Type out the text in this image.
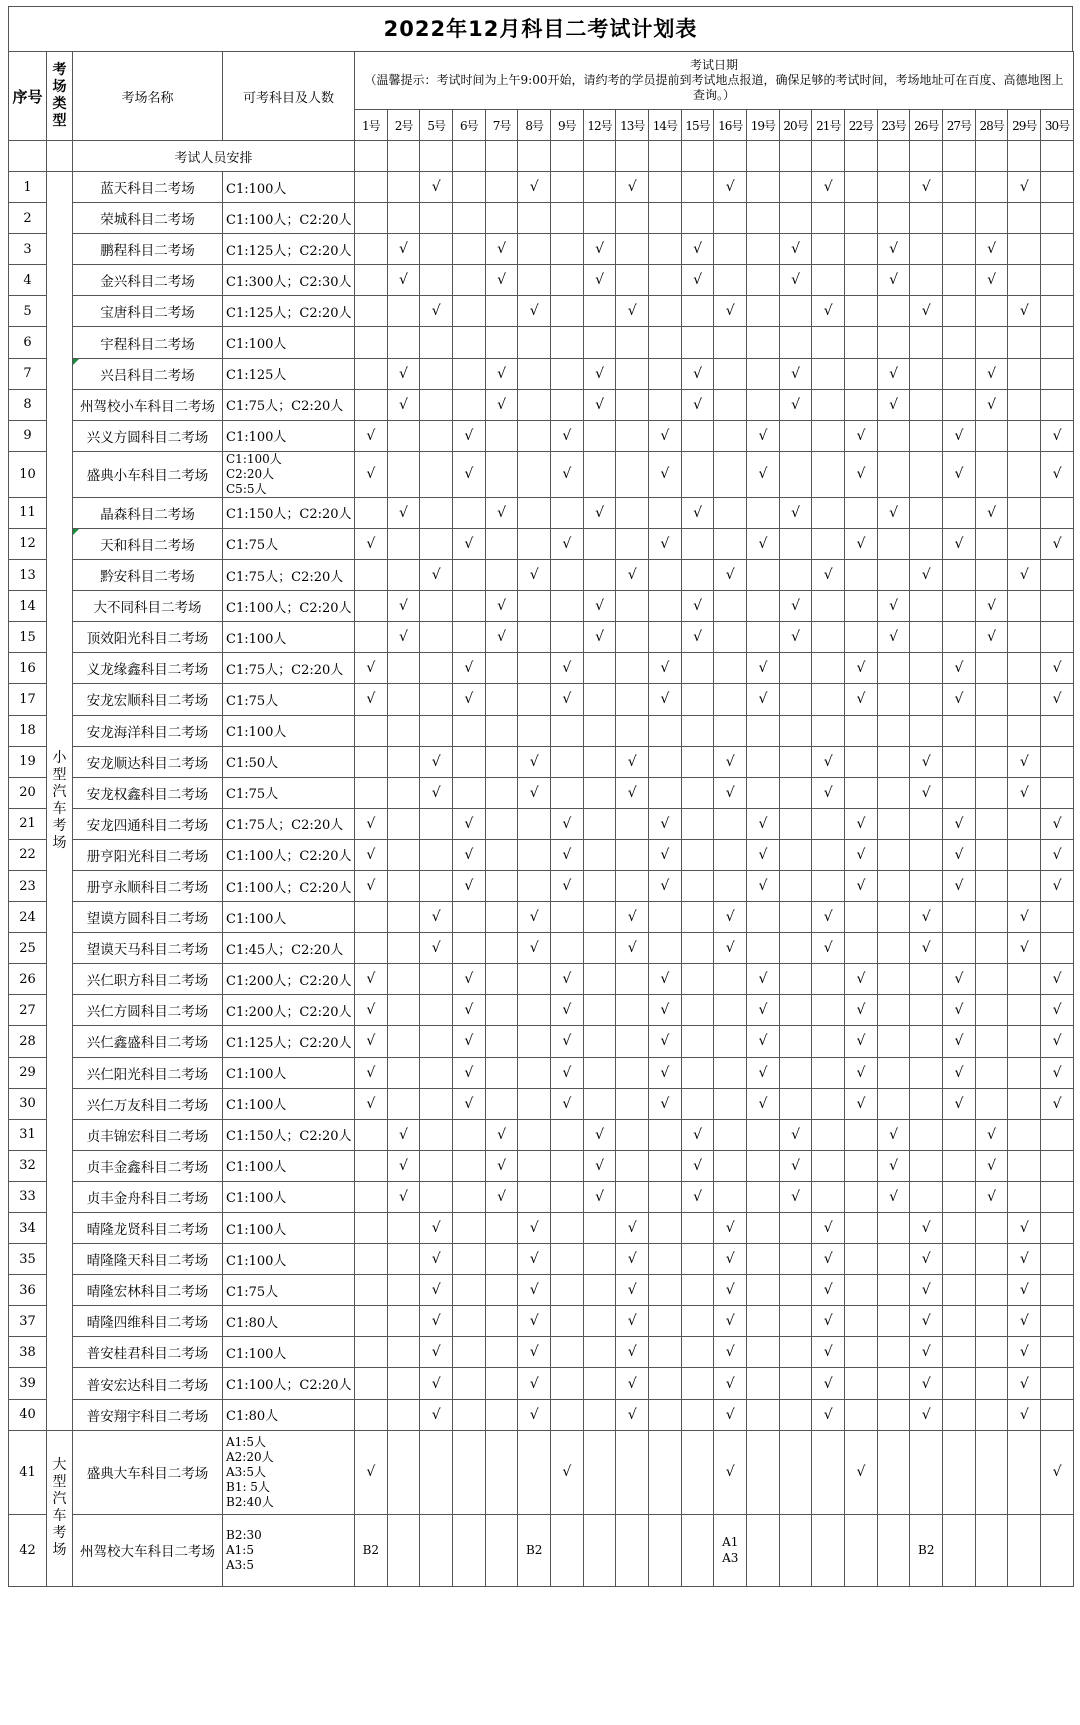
2022年12月科目二考试计划表
序号	考场类型	考场名称	可考科目及人数	考试日期
（温馨提示：考试时间为上午9:00开始，请约考的学员提前到考试地点报道，确保足够的考试时间，考场地址可在百度、高德地图上查询。）																					

				1号	2号	5号	6号	7号	8号	9号	12号	13号	14号	15号	16号	19号	20号	21号	22号	23号	26号	27号	28号	29号	30号
		考试人员安排																							
1	小型汽车考场	蓝天科目二考场	C1:100人			√			√			√			√			√			√			√	
2		荣城科目二考场	C1:100人；C2:20人																						
3		鹏程科目二考场	C1:125人；C2:20人		√			√			√			√			√			√			√		
4		金兴科目二考场	C1:300人；C2:30人		√			√			√			√			√			√			√		
5		宝唐科目二考场	C1:125人；C2:20人			√			√			√			√			√			√			√	
6		宇程科目二考场	C1:100人																						
7		兴吕科目二考场	C1:125人		√			√			√			√			√			√			√		
8		州驾校小车科目二考场	C1:75人；C2:20人		√			√			√			√			√			√			√		
9		兴义方圆科目二考场	C1:100人	√			√			√			√			√			√			√			√
10		盛典小车科目二考场	C1:100人
C2:20人
C5:5人	√			√			√			√			√			√			√			√
11		晶森科目二考场	C1:150人；C2:20人		√			√			√			√			√			√			√		
12		天和科目二考场	C1:75人	√			√			√			√			√			√			√			√
13		黔安科目二考场	C1:75人；C2:20人			√			√			√			√			√			√			√	
14		大不同科目二考场	C1:100人；C2:20人		√			√			√			√			√			√			√		
15		顶效阳光科目二考场	C1:100人		√			√			√			√			√			√			√		
16		义龙缘鑫科目二考场	C1:75人；C2:20人	√			√			√			√			√			√			√			√
17		安龙宏顺科目二考场	C1:75人	√			√			√			√			√			√			√			√
18		安龙海洋科目二考场	C1:100人																						
19		安龙顺达科目二考场	C1:50人			√			√			√			√			√			√			√	
20		安龙权鑫科目二考场	C1:75人			√			√			√			√			√			√			√	
21		安龙四通科目二考场	C1:75人；C2:20人	√			√			√			√			√			√			√			√
22		册亨阳光科目二考场	C1:100人；C2:20人	√			√			√			√			√			√			√			√
23		册亨永顺科目二考场	C1:100人；C2:20人	√			√			√			√			√			√			√			√
24		望谟方圆科目二考场	C1:100人			√			√			√			√			√			√			√	
25		望谟天马科目二考场	C1:45人；C2:20人			√			√			√			√			√			√			√	
26		兴仁职方科目二考场	C1:200人；C2:20人	√			√			√			√			√			√			√			√
27		兴仁方圆科目二考场	C1:200人；C2:20人	√			√			√			√			√			√			√			√
28		兴仁鑫盛科目二考场	C1:125人；C2:20人	√			√			√			√			√			√			√			√
29		兴仁阳光科目二考场	C1:100人	√			√			√			√			√			√			√			√
30		兴仁万友科目二考场	C1:100人	√			√			√			√			√			√			√			√
31		贞丰锦宏科目二考场	C1:150人；C2:20人		√			√			√			√			√			√			√		
32		贞丰金鑫科目二考场	C1:100人		√			√			√			√			√			√			√		
33		贞丰金舟科目二考场	C1:100人		√			√			√			√			√			√			√		
34		晴隆龙贤科目二考场	C1:100人			√			√			√			√			√			√			√	
35		晴隆隆天科目二考场	C1:100人			√			√			√			√			√			√			√	
36		晴隆宏林科目二考场	C1:75人			√			√			√			√			√			√			√	
37		晴隆四维科目二考场	C1:80人			√			√			√			√			√			√			√	
38		普安桂君科目二考场	C1:100人			√			√			√			√			√			√			√	
39		普安宏达科目二考场	C1:100人；C2:20人			√			√			√			√			√			√			√	
40		普安翔宇科目二考场	C1:80人			√			√			√			√			√			√			√	
41	大型汽车考场	盛典大车科目二考场	A1:5人
A2:20人
A3:5人
B1: 5人
B2:40人	√						√					√				√						√
42		州驾校大车科目二考场	B2:30
A1:5
A3:5	B2					B2						A1
A3						B2				
